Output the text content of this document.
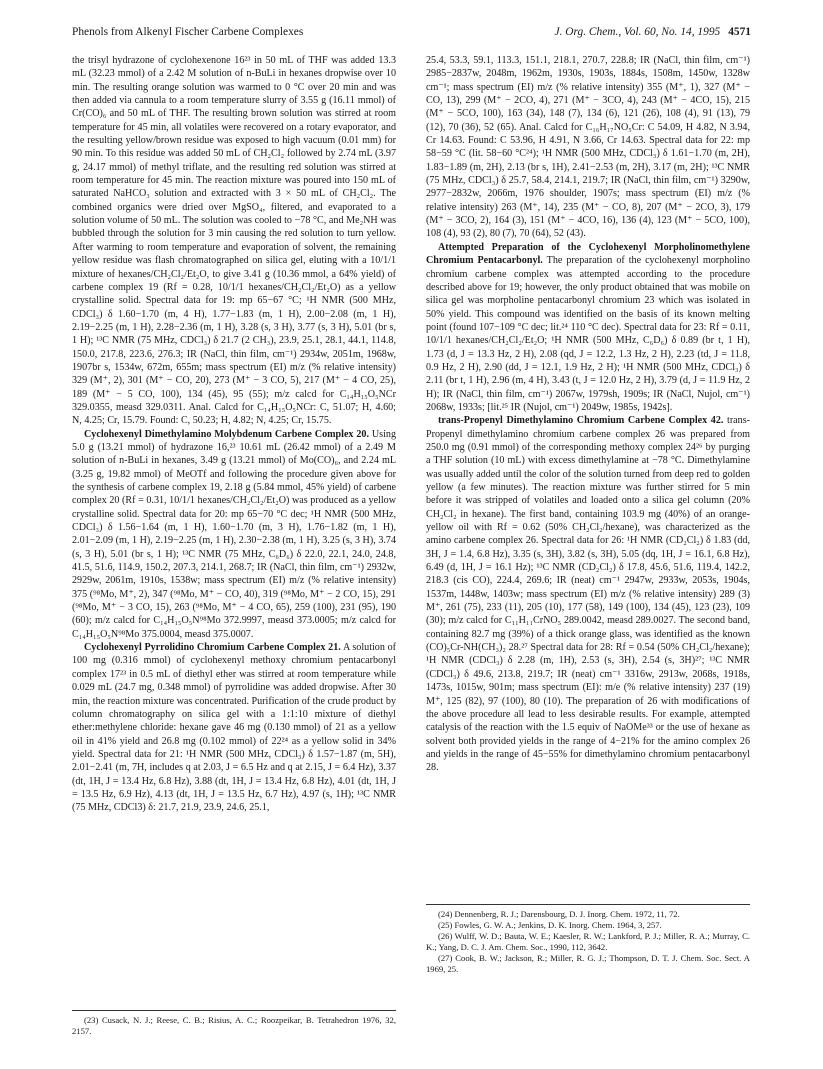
Phenols from Alkenyl Fischer Carbene Complexes	J. Org. Chem., Vol. 60, No. 14, 1995 4571

the trisyl hydrazone of cyclohexenone 16²³ in 50 mL of THF was added 13.3 mL (32.23 mmol) of a 2.42 M solution of n-BuLi in hexanes dropwise over 10 min. The resulting orange solution was warmed to 0 °C over 20 min and was then added via cannula to a room temperature slurry of 3.55 g (16.11 mmol) of Cr(CO)₆ and 50 mL of THF. The resulting brown solution was stirred at room temperature for 45 min, all volatiles were recovered on a rotary evaporator, and the resulting yellow/brown residue was exposed to high vacuum (0.01 mm) for 90 min. To this residue was added 50 mL of CH₂Cl₂ followed by 2.74 mL (3.97 g, 24.17 mmol) of methyl triflate, and the resulting red solution was stirred at room temperature for 45 min. The reaction mixture was poured into 150 mL of saturated NaHCO₃ solution and extracted with 3 × 50 mL of CH₂Cl₂. The combined organics were dried over MgSO₄, filtered, and evaporated to a solution volume of 50 mL. The solution was cooled to −78 °C, and Me₂NH was bubbled through the solution for 3 min causing the red solution to turn yellow. After warming to room temperature and evaporation of solvent, the remaining yellow residue was flash chromatographed on silica gel, eluting with a 10/1/1 mixture of hexanes/CH₂Cl₂/Et₂O, to give 3.41 g (10.36 mmol, a 64% yield) of carbene complex 19 (Rf = 0.28, 10/1/1 hexanes/CH₂Cl₂/Et₂O) as a yellow crystalline solid. Spectral data for 19: mp 65−67 °C; ¹H NMR (500 MHz, CDCl₃) δ 1.60−1.70 (m, 4 H), 1.77−1.83 (m, 1 H), 2.00−2.08 (m, 1 H), 2.19−2.25 (m, 1 H), 2.28−2.36 (m, 1 H), 3.28 (s, 3 H), 3.77 (s, 3 H), 5.01 (br s, 1 H); ¹³C NMR (75 MHz, CDCl₃) δ 21.7 (2 CH₃), 23.9, 25.1, 28.1, 44.1, 114.8, 150.0, 217.8, 223.6, 276.3; IR (NaCl, thin film, cm⁻¹) 2934w, 2051m, 1968w, 1907br s, 1534w, 672m, 655m; mass spectrum (EI) m/z (% relative intensity) 329 (M⁺, 2), 301 (M⁺ − CO, 20), 273 (M⁺ − 3 CO, 5), 217 (M⁺ − 4 CO, 25), 189 (M⁺ − 5 CO, 100), 134 (45), 95 (55); m/z calcd for C₁₄H₁₅O₅NCr 329.0355, measd 329.0311. Anal. Calcd for C₁₄H₁₅O₅NCr: C, 51.07; H, 4.60; N, 4.25; Cr, 15.79. Found: C, 50.23; H, 4.82; N, 4.25; Cr, 15.75.

Cyclohexenyl Dimethylamino Molybdenum Carbene Complex 20. Using 5.0 g (13.21 mmol) of hydrazone 16,²³ 10.61 mL (26.42 mmol) of a 2.49 M solution of n-BuLi in hexanes, 3.49 g (13.21 mmol) of Mo(CO)₆, and 2.24 mL (3.25 g, 19.82 mmol) of MeOTf and following the procedure given above for the synthesis of carbene complex 19, 2.18 g (5.84 mmol, 45% yield) of carbene complex 20 (Rf = 0.31, 10/1/1 hexanes/CH₂Cl₂/Et₂O) was produced as a yellow crystalline solid. Spectral data for 20: mp 65−70 °C dec; ¹H NMR (500 MHz, CDCl₃) δ 1.56−1.64 (m, 1 H), 1.60−1.70 (m, 3 H), 1.76−1.82 (m, 1 H), 2.01−2.09 (m, 1 H), 2.19−2.25 (m, 1 H), 2.30−2.38 (m, 1 H), 3.25 (s, 3 H), 3.74 (s, 3 H), 5.01 (br s, 1 H); ¹³C NMR (75 MHz, C₆D₆) δ 22.0, 22.1, 24.0, 24.8, 41.5, 51.6, 114.9, 150.2, 207.3, 214.1, 268.7; IR (NaCl, thin film, cm⁻¹) 2932w, 2929w, 2061m, 1910s, 1538w; mass spectrum (EI) m/z (% relative intensity) 375 (⁹⁸Mo, M⁺, 2), 347 (⁹⁸Mo, M⁺ − CO, 40), 319 (⁹⁸Mo, M⁺ − 2 CO, 15), 291 (⁹⁸Mo, M⁺ − 3 CO, 15), 263 (⁹⁸Mo, M⁺ − 4 CO, 65), 259 (100), 231 (95), 190 (60); m/z calcd for C₁₄H₁₅O₅N⁹⁸Mo 372.9997, measd 373.0005; m/z calcd for C₁₄H₁₅O₅N⁹⁸Mo 375.0004, measd 375.0007.

Cyclohexenyl Pyrrolidino Chromium Carbene Complex 21. A solution of 100 mg (0.316 mmol) of cyclohexenyl methoxy chromium pentacarbonyl complex 17²³ in 0.5 mL of diethyl ether was stirred at room temperature while 0.029 mL (24.7 mg, 0.348 mmol) of pyrrolidine was added dropwise. After 30 min, the reaction mixture was concentrated. Purification of the crude product by column chromatography on silica gel with a 1:1:10 mixture of diethyl ether:methylene chloride: hexane gave 46 mg (0.130 mmol) of 21 as a yellow oil in 41% yield and 26.8 mg (0.102 mmol) of 22²⁴ as a yellow solid in 34% yield. Spectral data for 21: ¹H NMR (500 MHz, CDCl₃) δ 1.57−1.87 (m, 5H), 2.01−2.41 (m, 7H, includes q at 2.03, J = 6.5 Hz and q at 2.15, J = 6.4 Hz), 3.37 (dt, 1H, J = 13.4 Hz, 6.8 Hz), 3.88 (dt, 1H, J = 13.4 Hz, 6.8 Hz), 4.01 (dt, 1H, J = 13.5 Hz, 6.9 Hz), 4.13 (dt, 1H, J = 13.5 Hz, 6.7 Hz), 4.97 (s, 1H); ¹³C NMR (75 MHz, CDCl3) δ: 21.7, 21.9, 23.9, 24.6, 25.1,

25.4, 53.3, 59.1, 113.3, 151.1, 218.1, 270.7, 228.8; IR (NaCl, thin film, cm⁻¹) 2985−2837w, 2048m, 1962m, 1930s, 1903s, 1884s, 1508m, 1450w, 1328w cm⁻¹; mass spectrum (EI) m/z (% relative intensity) 355 (M⁺, 1), 327 (M⁺ − CO, 13), 299 (M⁺ − 2CO, 4), 271 (M⁺ − 3CO, 4), 243 (M⁺ − 4CO, 15), 215 (M⁺ − 5CO, 100), 163 (34), 148 (7), 134 (6), 121 (26), 108 (4), 91 (13), 79 (12), 70 (36), 52 (65). Anal. Calcd for C₁₆H₁₇NO₅Cr: C 54.09, H 4.82, N 3.94, Cr 14.63. Found: C 53.96, H 4.91, N 3.66, Cr 14.63. Spectral data for 22: mp 58−59 °C (lit. 58−60 °C²⁴); ¹H NMR (500 MHz, CDCl₃) δ 1.61−1.70 (m, 2H), 1.83−1.89 (m, 2H), 2.13 (br s, 1H), 2.41−2.53 (m, 2H), 3.17 (m, 2H); ¹³C NMR (75 MHz, CDCl₃) δ 25.7, 58.4, 214.1, 219.7; IR (NaCl, thin film, cm⁻¹) 3290w, 2977−2832w, 2066m, 1976 shoulder, 1907s; mass spectrum (EI) m/z (% relative intensity) 263 (M⁺, 14), 235 (M⁺ − CO, 8), 207 (M⁺ − 2CO, 3), 179 (M⁺ − 3CO, 2), 164 (3), 151 (M⁺ − 4CO, 16), 136 (4), 123 (M⁺ − 5CO, 100), 108 (4), 93 (2), 80 (7), 70 (64), 52 (43).

Attempted Preparation of the Cyclohexenyl Morpholinomethylene Chromium Pentacarbonyl. The preparation of the cyclohexenyl morpholino chromium carbene complex was attempted according to the procedure described above for 19; however, the only product obtained that was mobile on silica gel was morpholine pentacarbonyl chromium 23 which was isolated in 50% yield. This compound was identified on the basis of its known melting point (found 107−109 °C dec; lit.²⁴ 110 °C dec). Spectral data for 23: Rf = 0.11, 10/1/1 hexanes/CH₂Cl₂/Et₂O; ¹H NMR (500 MHz, C₆D₆) δ 0.89 (br t, 1 H), 1.73 (d, J = 13.3 Hz, 2 H), 2.08 (qd, J = 12.2, 1.3 Hz, 2 H), 2.23 (td, J = 11.8, 0.9 Hz, 2 H), 2.90 (dd, J = 12.1, 1.9 Hz, 2 H); ¹H NMR (500 MHz, CDCl₃) δ 2.11 (br t, 1 H), 2.96 (m, 4 H), 3.43 (t, J = 12.0 Hz, 2 H), 3.79 (d, J = 11.9 Hz, 2 H); IR (NaCl, thin film, cm⁻¹) 2067w, 1979sh, 1909s; IR (NaCl, Nujol, cm⁻¹) 2068w, 1933s; [lit.²⁵ IR (Nujol, cm⁻¹) 2049w, 1985s, 1942s].

trans-Propenyl Dimethylamino Chromium Carbene Complex 42. trans-Propenyl dimethylamino chromium carbene complex 26 was prepared from 250.0 mg (0.91 mmol) of the corresponding methoxy complex 24²⁶ by purging a THF solution (10 mL) with excess dimethylamine at −78 °C. Dimethylamine was usually added until the color of the solution turned from deep red to golden yellow (a few minutes). The reaction mixture was further stirred for 5 min before it was stripped of volatiles and loaded onto a silica gel column (20% CH₂Cl₂ in hexane). The first band, containing 103.9 mg (40%) of an orange-yellow oil with Rf = 0.62 (50% CH₂Cl₂/hexane), was characterized as the amino carbene complex 26. Spectral data for 26: ¹H NMR (CD₂Cl₂) δ 1.83 (dd, 3H, J = 1.4, 6.8 Hz), 3.35 (s, 3H), 3.82 (s, 3H), 5.05 (dq, 1H, J = 16.1, 6.8 Hz), 6.49 (d, 1H, J = 16.1 Hz); ¹³C NMR (CD₂Cl₂) δ 17.8, 45.6, 51.6, 119.4, 142.2, 218.3 (cis CO), 224.4, 269.6; IR (neat) cm⁻¹ 2947w, 2933w, 2053s, 1904s, 1537m, 1448w, 1403w; mass spectrum (EI) m/z (% relative intensity) 289 (3) M⁺, 261 (75), 233 (11), 205 (10), 177 (58), 149 (100), 134 (45), 123 (23), 109 (30); m/z calcd for C₁₁H₁₁CrNO₅ 289.0042, measd 289.0027. The second band, containing 82.7 mg (39%) of a thick orange glass, was identified as the known (CO)₅Cr-NH(CH₃)₂ 28.²⁷ Spectral data for 28: Rf = 0.54 (50% CH₂Cl₂/hexane); ¹H NMR (CDCl₃) δ 2.28 (m, 1H), 2.53 (s, 3H), 2.54 (s, 3H)²⁷; ¹³C NMR (CDCl₃) δ 49.6, 213.8, 219.7; IR (neat) cm⁻¹ 3316w, 2913w, 2068s, 1918s, 1473s, 1015w, 901m; mass spectrum (EI): m/e (% relative intensity) 237 (19) M⁺, 125 (82), 97 (100), 80 (10). The preparation of 26 with modifications of the above procedure all lead to less desirable results. For example, attempted catalysis of the reaction with the 1.5 equiv of NaOMe³³ or the use of hexane as solvent both provided yields in the range of 4−21% for the amino complex 26 and yields in the range of 45−55% for dimethylamino chromium pentacarbonyl 28.

(23) Cusack, N. J.; Reese, C. B.; Risius, A. C.; Roozpeikar, B. Tetrahedron 1976, 32, 2157.

(24) Dennenberg, R. J.; Darensbourg, D. J. Inorg. Chem. 1972, 11, 72.

(25) Fowles, G. W. A.; Jenkins, D. K. Inorg. Chem. 1964, 3, 257.

(26) Wulff, W. D.; Bauta, W. E.; Kaesler, R. W.; Lankford, P. J.; Miller, R. A.; Murray, C. K.; Yang, D. C. J. Am. Chem. Soc., 1990, 112, 3642.

(27) Cook, B. W.; Jackson, R.; Miller, R. G. J.; Thompson, D. T. J. Chem. Soc. Sect. A 1969, 25.
